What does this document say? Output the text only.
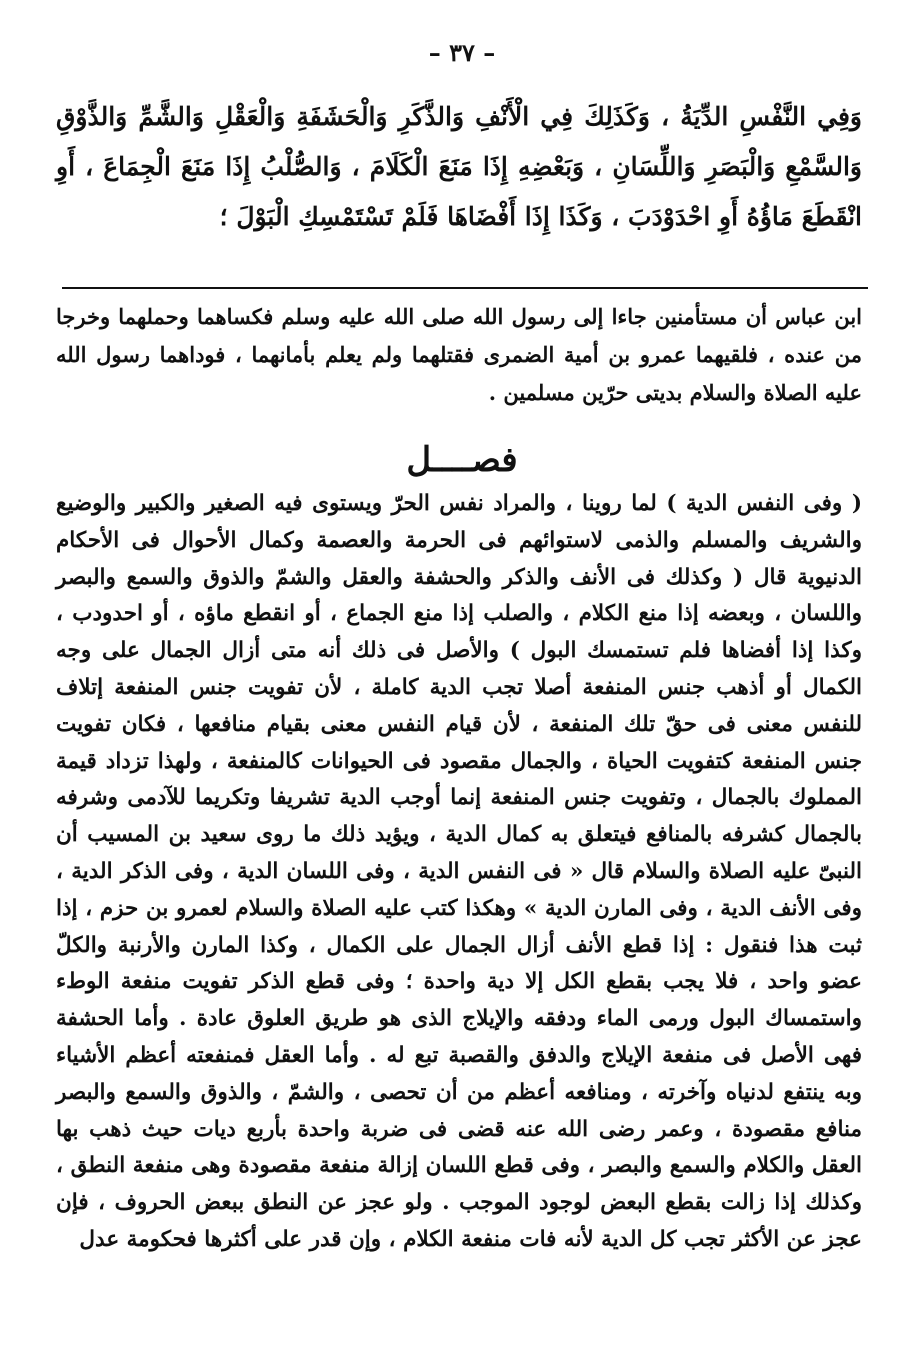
– ٣٧ –
وَفِي النَّفْسِ الدِّيَةُ ، وَكَذَلِكَ فِي الْأَنْفِ وَالذَّكَرِ وَالْحَشَفَةِ وَالْعَقْلِ وَالشَّمِّ وَالذَّوْقِ وَالسَّمْعِ وَالْبَصَرِ وَاللِّسَانِ ، وَبَعْضِهِ إِذَا مَنَعَ الْكَلَامَ ، وَالصُّلْبُ إِذَا مَنَعَ الْجِمَاعَ ، أَوِ انْقَطَعَ مَاؤُهُ أَوِ احْدَوْدَبَ ، وَكَذَا إِذَا أَفْضَاهَا فَلَمْ تَسْتَمْسِكِ الْبَوْلَ ؛
ابن عباس أن مستأمنين جاءا إلى رسول الله صلى الله عليه وسلم فكساهما وحملهما وخرجا من عنده ، فلقيهما عمرو بن أمية الضمرى فقتلهما ولم يعلم بأمانهما ، فوداهما رسول الله عليه الصلاة والسلام بديتى حرّين مسلمين .
فصــــل
( وفى النفس الدية ) لما روينا ، والمراد نفس الحرّ ويستوى فيه الصغير والكبير والوضيع والشريف والمسلم والذمى لاستوائهم فى الحرمة والعصمة وكمال الأحوال فى الأحكام الدنيوية قال ( وكذلك فى الأنف والذكر والحشفة والعقل والشمّ والذوق والسمع والبصر واللسان ، وبعضه إذا منع الكلام ، والصلب إذا منع الجماع ، أو انقطع ماؤه ، أو احدودب ، وكذا إذا أفضاها فلم تستمسك البول ) والأصل فى ذلك أنه متى أزال الجمال على وجه الكمال أو أذهب جنس المنفعة أصلا تجب الدية كاملة ، لأن تفويت جنس المنفعة إتلاف للنفس معنى فى حقّ تلك المنفعة ، لأن قيام النفس معنى بقيام منافعها ، فكان تفويت جنس المنفعة كتفويت الحياة ، والجمال مقصود فى الحيوانات كالمنفعة ، ولهذا تزداد قيمة المملوك بالجمال ، وتفويت جنس المنفعة إنما أوجب الدية تشريفا وتكريما للآدمى وشرفه بالجمال كشرفه بالمنافع فيتعلق به كمال الدية ، ويؤيد ذلك ما روى سعيد بن المسيب أن النبىّ عليه الصلاة والسلام قال « فى النفس الدية ، وفى اللسان الدية ، وفى الذكر الدية ، وفى الأنف الدية ، وفى المارن الدية » وهكذا كتب عليه الصلاة والسلام لعمرو بن حزم ، إذا ثبت هذا فنقول : إذا قطع الأنف أزال الجمال على الكمال ، وكذا المارن والأرنبة والكلّ عضو واحد ، فلا يجب بقطع الكل إلا دية واحدة ؛ وفى قطع الذكر تفويت منفعة الوطء واستمساك البول ورمى الماء ودفقه والإيلاج الذى هو طريق العلوق عادة . وأما الحشفة فهى الأصل فى منفعة الإيلاج والدفق والقصبة تبع له . وأما العقل فمنفعته أعظم الأشياء وبه ينتفع لدنياه وآخرته ، ومنافعه أعظم من أن تحصى ، والشمّ ، والذوق والسمع والبصر منافع مقصودة ، وعمر رضى الله عنه قضى فى ضربة واحدة بأربع ديات حيث ذهب بها العقل والكلام والسمع والبصر ، وفى قطع اللسان إزالة منفعة مقصودة وهى منفعة النطق ، وكذلك إذا زالت بقطع البعض لوجود الموجب . ولو عجز عن النطق ببعض الحروف ، فإن عجز عن الأكثر تجب كل الدية لأنه فات منفعة الكلام ، وإن قدر على أكثرها فحكومة عدل
